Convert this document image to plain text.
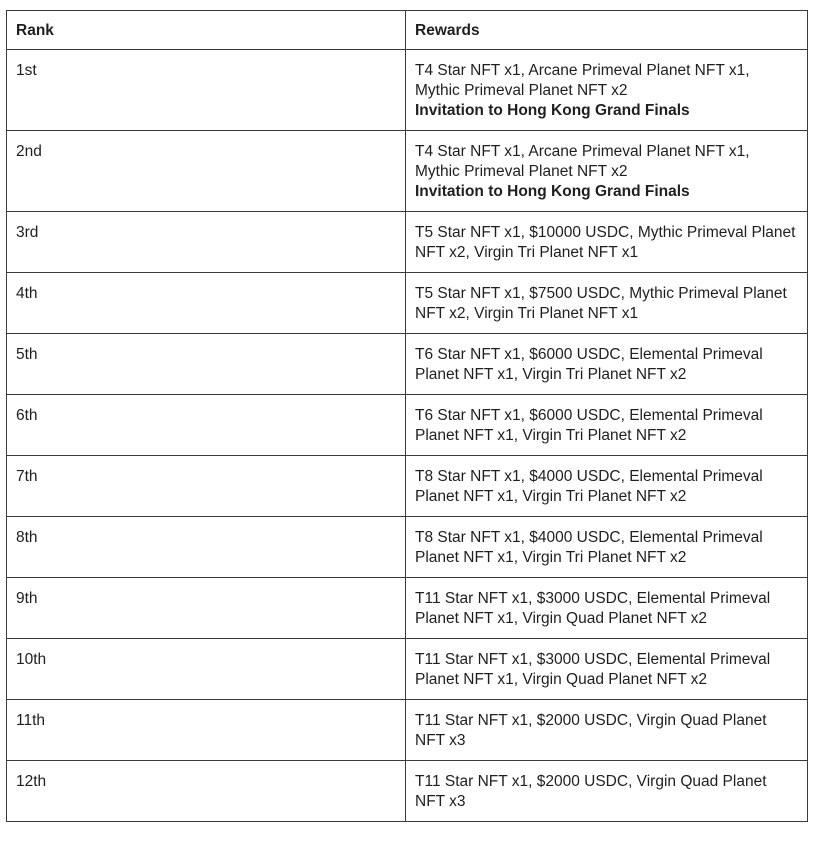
Rank	Rewards
1st	T4 Star NFT x1, Arcane Primeval Planet NFT x1, Mythic Primeval Planet NFT x2
Invitation to Hong Kong Grand Finals

2nd	T4 Star NFT x1, Arcane Primeval Planet NFT x1, Mythic Primeval Planet NFT x2
Invitation to Hong Kong Grand Finals

3rd	T5 Star NFT x1, $10000 USDC, Mythic Primeval Planet NFT x2, Virgin Tri Planet NFT x1

4th	T5 Star NFT x1, $7500 USDC, Mythic Primeval Planet NFT x2, Virgin Tri Planet NFT x1

5th	T6 Star NFT x1, $6000 USDC, Elemental Primeval Planet NFT x1, Virgin Tri Planet NFT x2

6th	T6 Star NFT x1, $6000 USDC, Elemental Primeval Planet NFT x1, Virgin Tri Planet NFT x2

7th	T8 Star NFT x1, $4000 USDC, Elemental Primeval Planet NFT x1, Virgin Tri Planet NFT x2

8th	T8 Star NFT x1, $4000 USDC, Elemental Primeval Planet NFT x1, Virgin Tri Planet NFT x2

9th	T11 Star NFT x1, $3000 USDC, Elemental Primeval Planet NFT x1, Virgin Quad Planet NFT x2

10th	T11 Star NFT x1, $3000 USDC, Elemental Primeval Planet NFT x1, Virgin Quad Planet NFT x2

11th	T11 Star NFT x1, $2000 USDC, Virgin Quad Planet NFT x3

12th	T11 Star NFT x1, $2000 USDC, Virgin Quad Planet NFT x3
